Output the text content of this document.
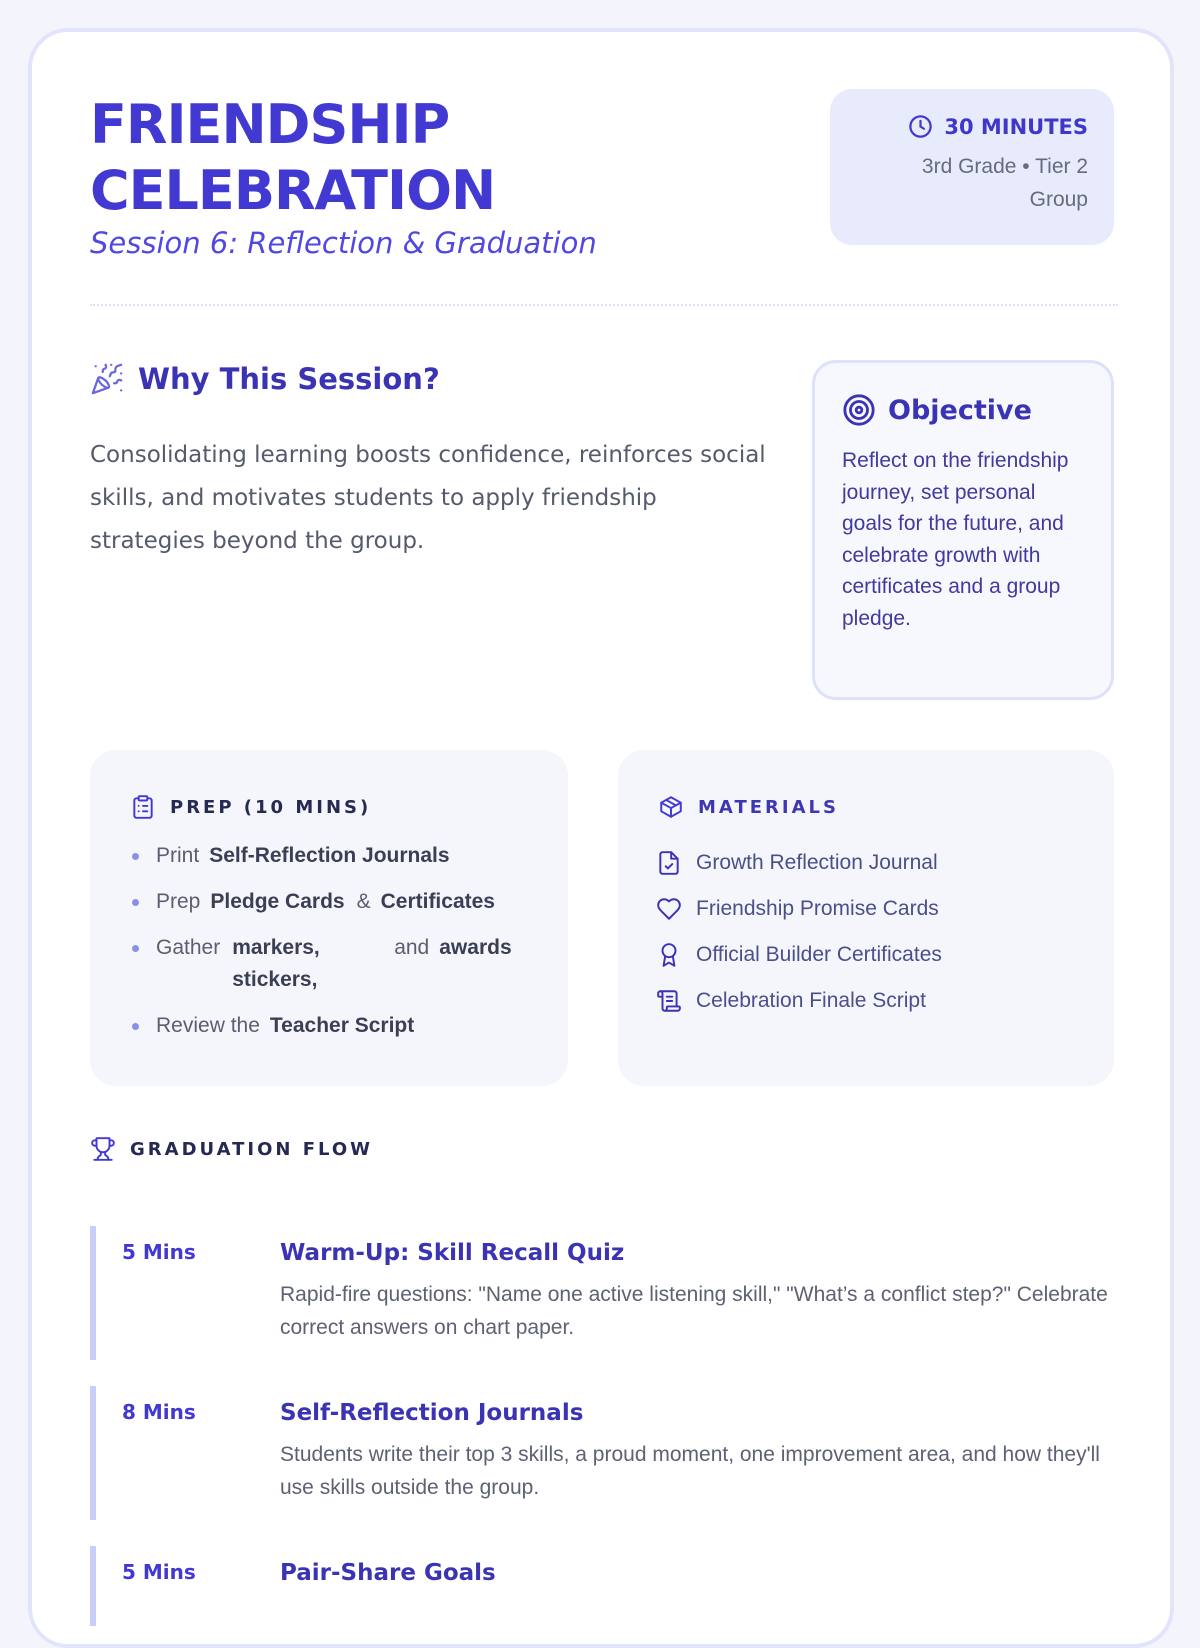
FRIENDSHIP
CELEBRATION
Session 6: Reflection & Graduation
30 MINUTES
3rd Grade • Tier 2 Group
Why This Session?

Consolidating learning boosts confidence, reinforces social skills, and motivates students to apply friendship strategies beyond the group.

Objective

Reflect on the friendship journey, set personal goals for the future, and celebrate growth with certificates and a group pledge.

PREP (10 MINS)
Print Self-Reflection Journals
Prep Pledge Cards & Certificates
Gather markers, stickers,
and awards
Review the Teacher Script
MATERIALS
Growth Reflection Journal
Friendship Promise Cards
Official Builder Certificates
Celebration Finale Script
GRADUATION FLOW
5 Mins	Warm-Up: Skill Recall Quiz
Rapid-fire questions: "Name one active listening skill," "What’s a conflict step?" Celebrate correct answers on chart paper.
8 Mins	Self-Reflection Journals
Students write their top 3 skills, a proud moment, one improvement area, and how they'll use skills outside the group.
5 Mins	Pair-Share Goals
